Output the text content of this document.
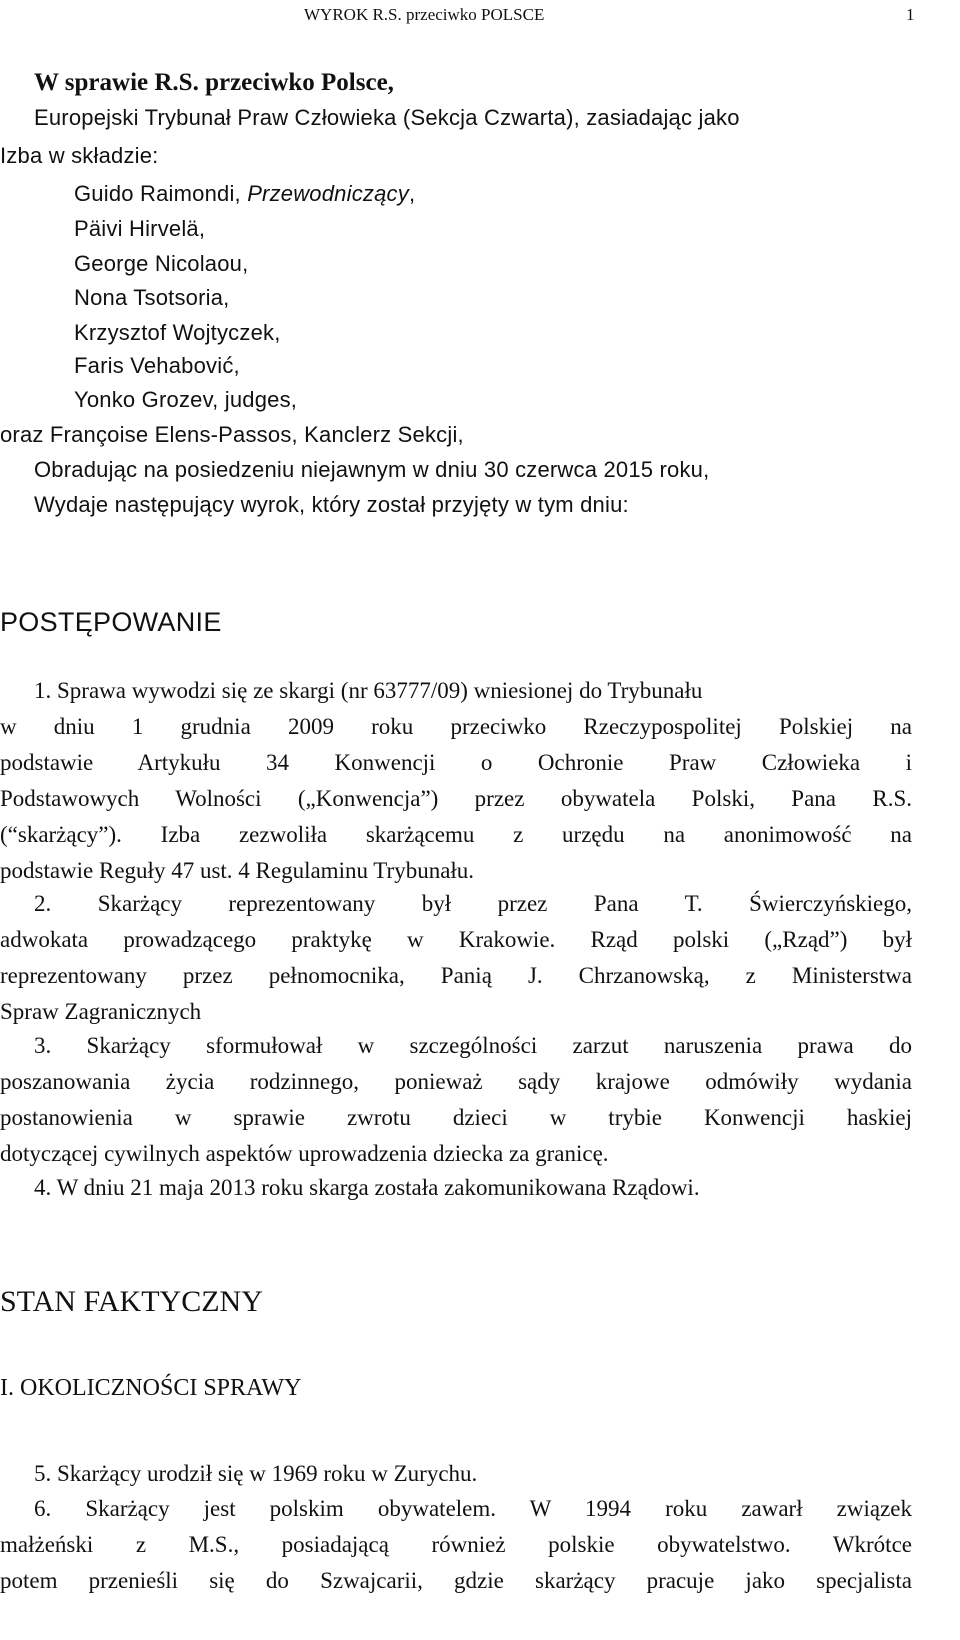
WYROK R.S. przeciwko POLSCE	1
W sprawie R.S. przeciwko Polsce,
Europejski Trybunał Praw Człowieka (Sekcja Czwarta), zasiadając jako
Izba w składzie:
Guido Raimondi, Przewodniczący,
Päivi Hirvelä,
George Nicolaou,
Nona Tsotsoria,
Krzysztof Wojtyczek,
Faris Vehabović,
Yonko Grozev, judges,
oraz Françoise Elens-Passos, Kanclerz Sekcji,
Obradując na posiedzeniu niejawnym w dniu 30 czerwca 2015 roku,
Wydaje następujący wyrok, który został przyjęty w tym dniu:
POSTĘPOWANIE
1. Sprawa wywodzi się ze skargi (nr 63777/09) wniesionej do Trybunału
w dniu 1 grudnia 2009 roku przeciwko Rzeczypospolitej Polskiej na
podstawie Artykułu 34 Konwencji o Ochronie Praw Człowieka i
Podstawowych Wolności („Konwencja”) przez obywatela Polski, Pana R.S.
(“skarżący”). Izba zezwoliła skarżącemu z urzędu na anonimowość na
podstawie Reguły 47 ust. 4 Regulaminu Trybunału.
2. Skarżący reprezentowany był przez Pana T. Świerczyńskiego,
adwokata prowadzącego praktykę w Krakowie. Rząd polski („Rząd”) był
reprezentowany przez pełnomocnika, Panią J. Chrzanowską, z Ministerstwa
Spraw Zagranicznych
3. Skarżący sformułował w szczególności zarzut naruszenia prawa do
poszanowania życia rodzinnego, ponieważ sądy krajowe odmówiły wydania
postanowienia w sprawie zwrotu dzieci w trybie Konwencji haskiej
dotyczącej cywilnych aspektów uprowadzenia dziecka za granicę.
4. W dniu 21 maja 2013 roku skarga została zakomunikowana Rządowi.
STAN FAKTYCZNY
I. OKOLICZNOŚCI SPRAWY
5. Skarżący urodził się w 1969 roku w Zurychu.
6. Skarżący jest polskim obywatelem. W 1994 roku zawarł związek
małżeński z M.S., posiadającą również polskie obywatelstwo. Wkrótce
potem przenieśli się do Szwajcarii, gdzie skarżący pracuje jako specjalista
